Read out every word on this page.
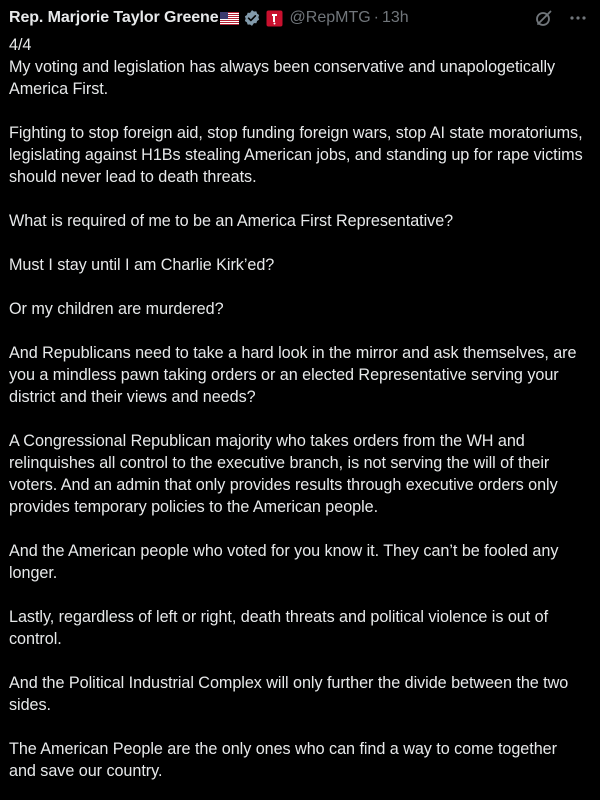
Rep. Marjorie Taylor Greene	@RepMTG · 13h

4/4
My voting and legislation has always been conservative and unapologetically America First.

Fighting to stop foreign aid, stop funding foreign wars, stop AI state moratoriums, legislating against H1Bs stealing American jobs, and standing up for rape victims should never lead to death threats.

What is required of me to be an America First Representative?

Must I stay until I am Charlie Kirk’ed?

Or my children are murdered?

And Republicans need to take a hard look in the mirror and ask themselves, are you a mindless pawn taking orders or an elected Representative serving your district and their views and needs?

A Congressional Republican majority who takes orders from the WH and relinquishes all control to the executive branch, is not serving the will of their voters. And an admin that only provides results through executive orders only provides temporary policies to the American people.

And the American people who voted for you know it. They can’t be fooled any longer.

Lastly, regardless of left or right, death threats and political violence is out of control.

And the Political Industrial Complex will only further the divide between the two sides.

The American People are the only ones who can find a way to come together and save our country.
